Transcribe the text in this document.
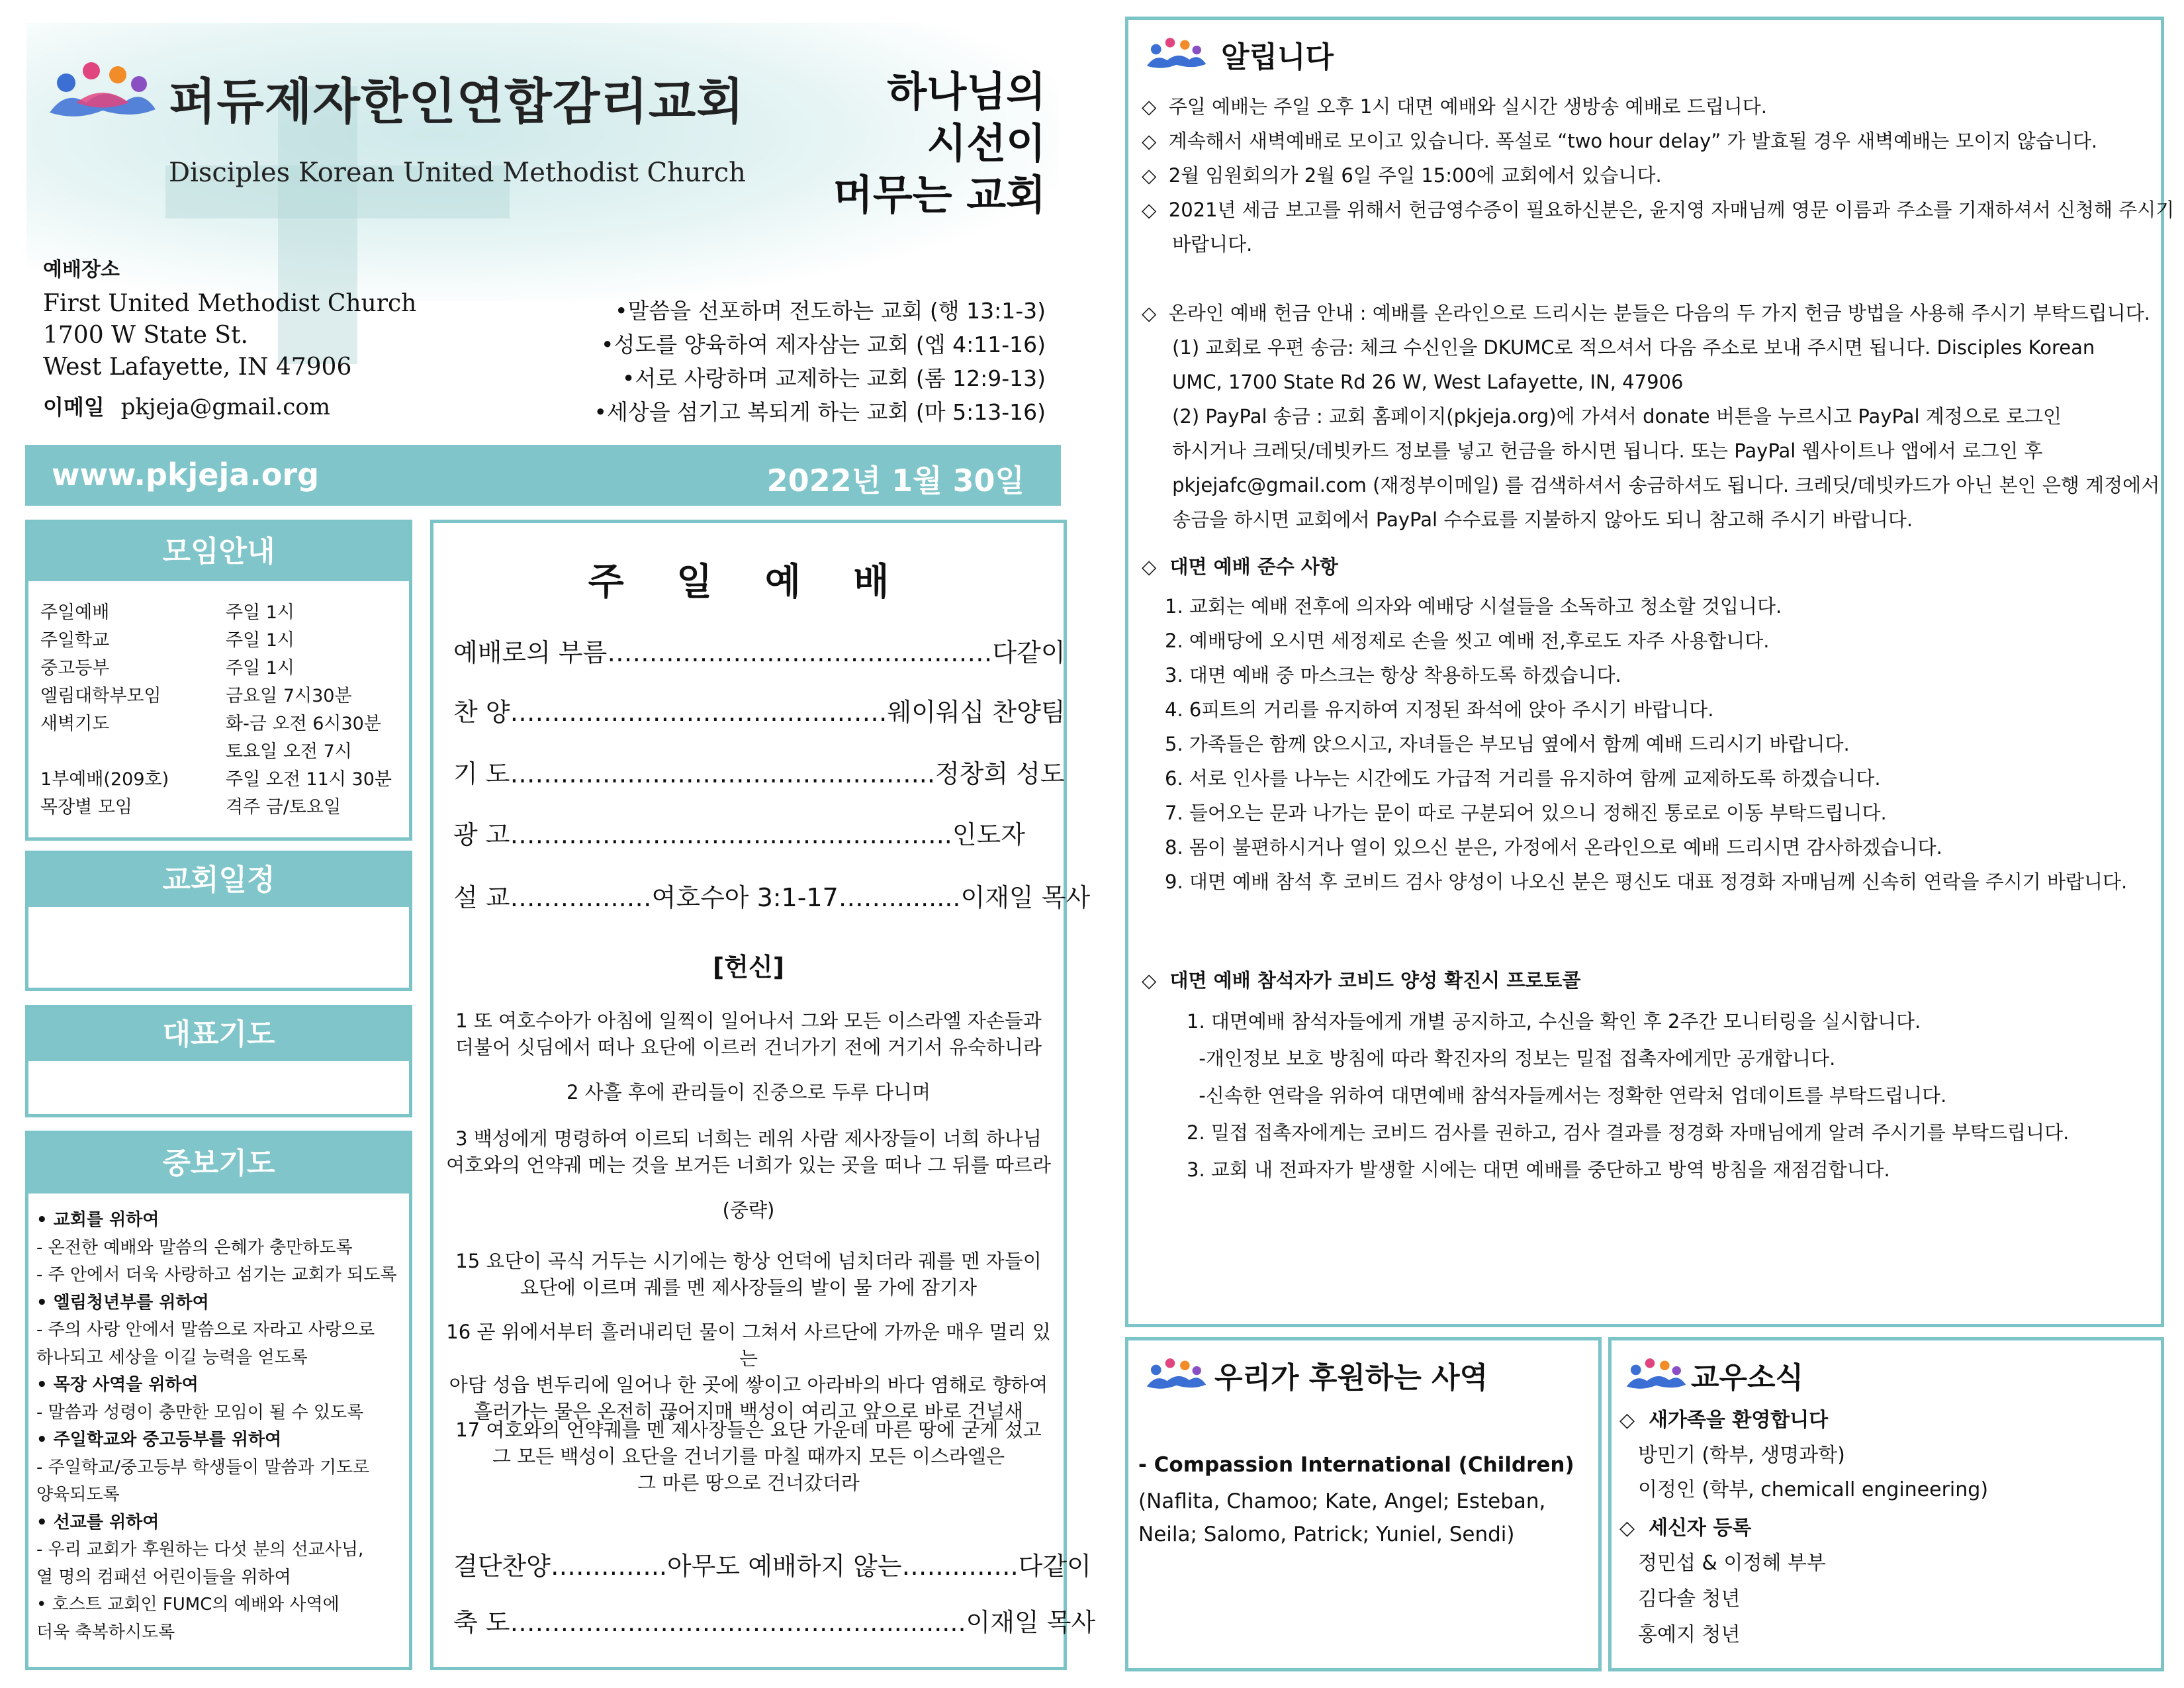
퍼듀제자한인연합감리교회
Disciples Korean United Methodist Church
하나님의
시선이
머무는 교회
예배장소
First United Methodist Church
1700 W State St.
West Lafayette, IN 47906
이메일 pkjeja@gmail.com
•말씀을 선포하며 전도하는 교회 (행 13:1-3)
•성도를 양육하여 제자삼는 교회 (엡 4:11-16)
•서로 사랑하며 교제하는 교회 (롬 12:9-13)
•세상을 섬기고 복되게 하는 교회 (마 5:13-16)
www.pkjeja.org	2022년 1월 30일
모임안내
주일예배	주일 1시
주일학교	주일 1시
중고등부	주일 1시
엘림대학부모임	금요일 7시30분
새벽기도	화-금 오전 6시30분
토요일 오전 7시
1부예배(209호)	주일 오전 11시 30분
목장별 모임	격주 금/토요일
교회일정
대표기도
중보기도
• 교회를 위하여
- 온전한 예배와 말씀의 은혜가 충만하도록
- 주 안에서 더욱 사랑하고 섬기는 교회가 되도록
• 엘림청년부를 위하여
- 주의 사랑 안에서 말씀으로 자라고 사랑으로
하나되고 세상을 이길 능력을 얻도록
• 목장 사역을 위하여
- 말씀과 성령이 충만한 모임이 될 수 있도록
• 주일학교와 중고등부를 위하여
- 주일학교/중고등부 학생들이 말씀과 기도로
양육되도록
• 선교를 위하여
- 우리 교회가 후원하는 다섯 분의 선교사님,
열 명의 컴패션 어린이들을 위하여
• 호스트 교회인 FUMC의 예배와 사역에
더욱 축복하시도록
주 일 예 배
예배로의 부름………………………………….……다같이
찬 양………………………………………웨이워십 찬양팀
기 도………….……………….……….……...정창희 성도
광 고…………………………..……….………..인도자
설 교…………..…여호수아 3:1-17…….........이재일 목사
[헌신]
1 또 여호수아가 아침에 일찍이 일어나서 그와 모든 이스라엘 자손들과
더불어 싯딤에서 떠나 요단에 이르러 건너가기 전에 거기서 유숙하니라
2 사흘 후에 관리들이 진중으로 두루 다니며
3 백성에게 명령하여 이르되 너희는 레위 사람 제사장들이 너희 하나님
여호와의 언약궤 메는 것을 보거든 너희가 있는 곳을 떠나 그 뒤를 따르라
(중략)
15 요단이 곡식 거두는 시기에는 항상 언덕에 넘치더라 궤를 멘 자들이
요단에 이르며 궤를 멘 제사장들의 발이 물 가에 잠기자
16 곧 위에서부터 흘러내리던 물이 그쳐서 사르단에 가까운 매우 멀리 있는
아담 성읍 변두리에 일어나 한 곳에 쌓이고 아라바의 바다 염해로 향하여
흘러가는 물은 온전히 끊어지매 백성이 여리고 앞으로 바로 건널새
17 여호와의 언약궤를 멘 제사장들은 요단 가운데 마른 땅에 굳게 섰고
그 모든 백성이 요단을 건너기를 마칠 때까지 모든 이스라엘은
그 마른 땅으로 건너갔더라
결단찬양…………..아무도 예배하지 않는…….…….다같이
축 도……………..………………………...........이재일 목사
알립니다
◇  주일 예배는 주일 오후 1시 대면 예배와 실시간 생방송 예배로 드립니다.
◇  계속해서 새벽예배로 모이고 있습니다. 폭설로 “two hour delay” 가 발효될 경우 새벽예배는 모이지 않습니다.
◇  2월 임원회의가 2월 6일 주일 15:00에 교회에서 있습니다.
◇  2021년 세금 보고를 위해서 헌금영수증이 필요하신분은, 윤지영 자매님께 영문 이름과 주소를 기재하셔서 신청해 주시기
바랍니다.
◇  온라인 예배 헌금 안내 : 예배를 온라인으로 드리시는 분들은 다음의 두 가지 헌금 방법을 사용해 주시기 부탁드립니다.
(1) 교회로 우편 송금: 체크 수신인을 DKUMC로 적으셔서 다음 주소로 보내 주시면 됩니다. Disciples Korean
UMC, 1700 State Rd 26 W, West Lafayette, IN, 47906
(2) PayPal 송금 : 교회 홈페이지(pkjeja.org)에 가셔서 donate 버튼을 누르시고 PayPal 계정으로 로그인
하시거나 크레딧/데빗카드 정보를 넣고 헌금을 하시면 됩니다. 또는 PayPal 웹사이트나 앱에서 로그인 후
pkjejafc@gmail.com (재정부이메일) 를 검색하셔서 송금하셔도 됩니다. 크레딧/데빗카드가 아닌 본인 은행 계정에서
송금을 하시면 교회에서 PayPal 수수료를 지불하지 않아도 되니 참고해 주시기 바랍니다.
◇  대면 예배 준수 사항
1. 교회는 예배 전후에 의자와 예배당 시설들을 소독하고 청소할 것입니다.
2. 예배당에 오시면 세정제로 손을 씻고 예배 전,후로도 자주 사용합니다.
3. 대면 예배 중 마스크는 항상 착용하도록 하겠습니다.
4. 6피트의 거리를 유지하여 지정된 좌석에 앉아 주시기 바랍니다.
5. 가족들은 함께 앉으시고, 자녀들은 부모님 옆에서 함께 예배 드리시기 바랍니다.
6. 서로 인사를 나누는 시간에도 가급적 거리를 유지하여 함께 교제하도록 하겠습니다.
7. 들어오는 문과 나가는 문이 따로 구분되어 있으니 정해진 통로로 이동 부탁드립니다.
8. 몸이 불편하시거나 열이 있으신 분은, 가정에서 온라인으로 예배 드리시면 감사하겠습니다.
9. 대면 예배 참석 후 코비드 검사 양성이 나오신 분은 평신도 대표 정경화 자매님께 신속히 연락을 주시기 바랍니다.
◇  대면 예배 참석자가 코비드 양성 확진시 프로토콜
1. 대면예배 참석자들에게 개별 공지하고, 수신을 확인 후 2주간 모니터링을 실시합니다.
-개인정보 보호 방침에 따라 확진자의 정보는 밀접 접촉자에게만 공개합니다.
-신속한 연락을 위하여 대면예배 참석자들께서는 정확한 연락처 업데이트를 부탁드립니다.
2. 밀접 접촉자에게는 코비드 검사를 권하고, 검사 결과를 정경화 자매님에게 알려 주시기를 부탁드립니다.
3. 교회 내 전파자가 발생할 시에는 대면 예배를 중단하고 방역 방침을 재점검합니다.
우리가 후원하는 사역
- Compassion International (Children)
(Naflita, Chamoo; Kate, Angel; Esteban,
Neila; Salomo, Patrick; Yuniel, Sendi)
교우소식
◇  새가족을 환영합니다
방민기 (학부, 생명과학)
이정인 (학부, chemicall engineering)
◇  세신자 등록
정민섭 & 이정혜 부부
김다솔 청년
홍예지 청년
